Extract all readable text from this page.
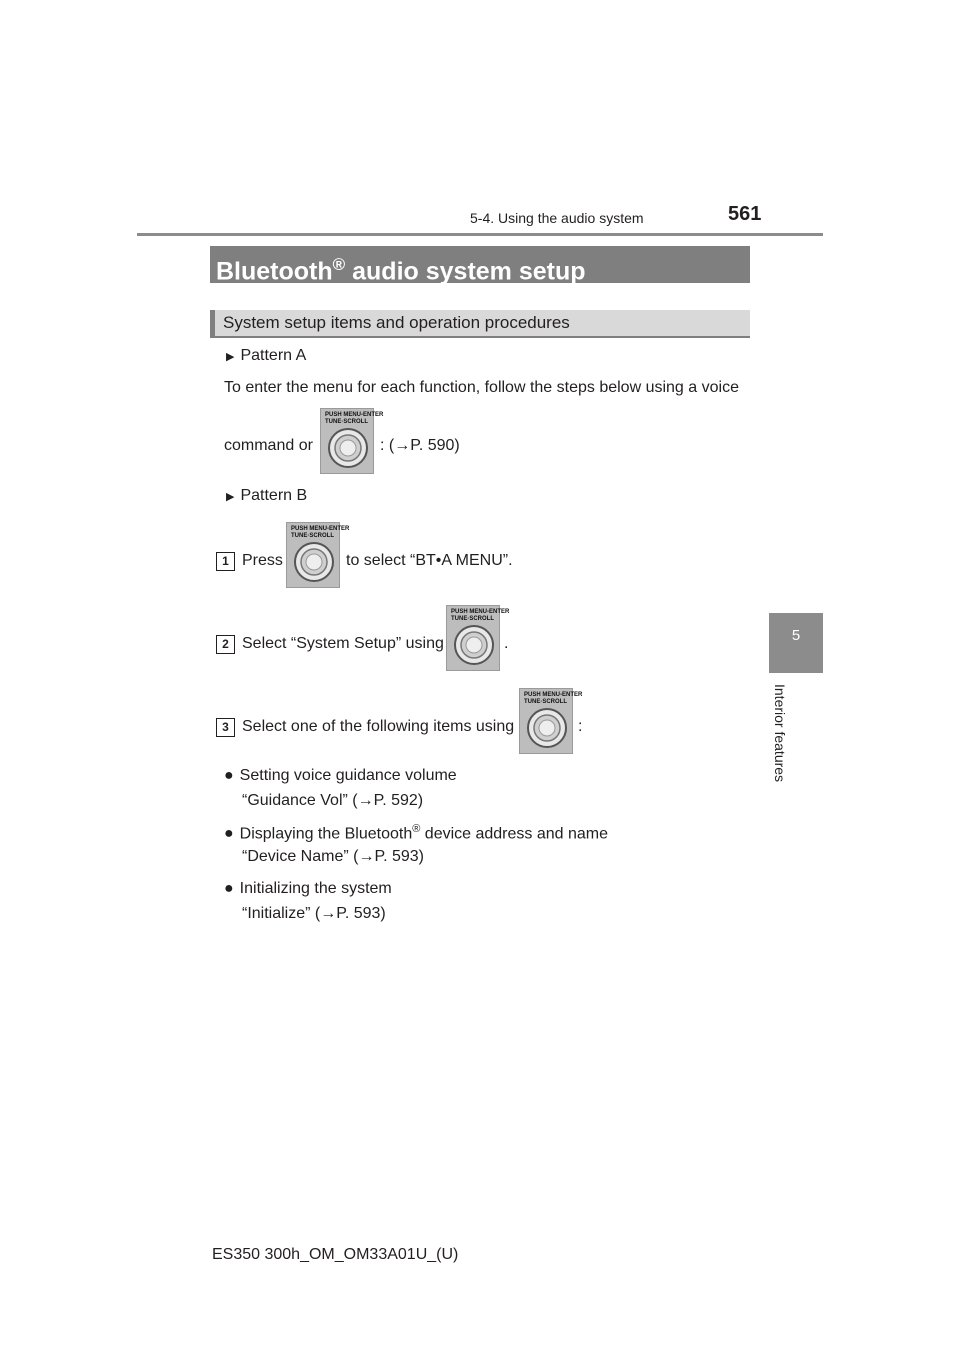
5-4. Using the audio system	561
5
Interior features
Bluetooth® audio system setup
System setup items and operation procedures
▶ Pattern A
To enter the menu for each function, follow the steps below using a voice
command or
PUSH MENU-ENTER
TUNE·SCROLL
: (→P. 590)
▶ Pattern B
1 Press
PUSH MENU-ENTER
TUNE·SCROLL
to select “BT•A MENU”.
2 Select “System Setup” using
PUSH MENU-ENTER
TUNE·SCROLL
.
3 Select one of the following items using
PUSH MENU-ENTER
TUNE·SCROLL
:
● Setting voice guidance volume
“Guidance Vol” (→P. 592)
● Displaying the Bluetooth® device address and name
“Device Name” (→P. 593)
● Initializing the system
“Initialize” (→P. 593)
ES350 300h_OM_OM33A01U_(U)
